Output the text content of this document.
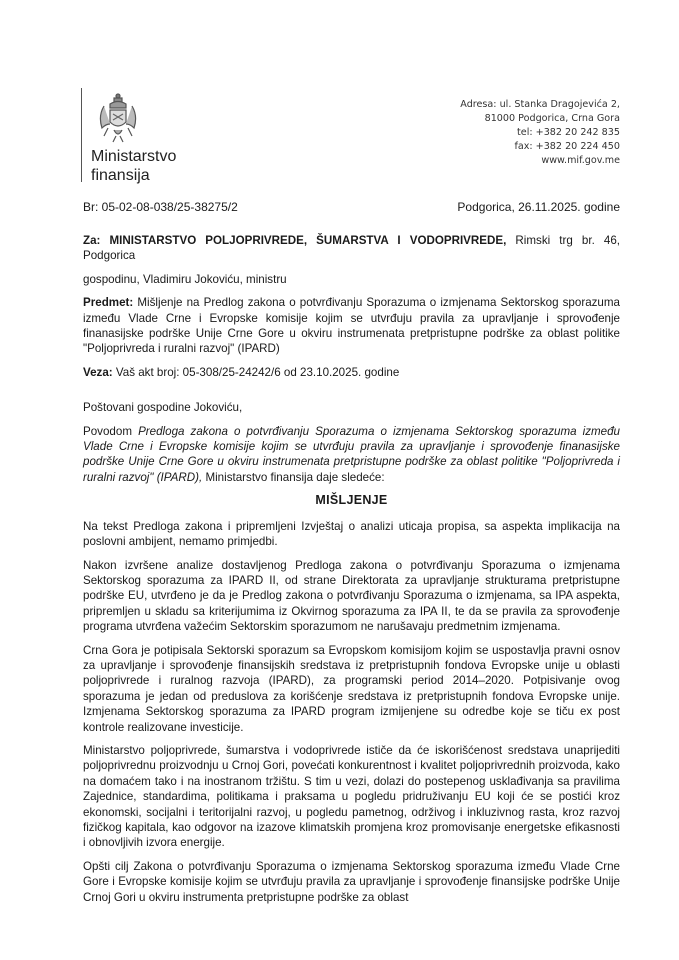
Ministarstvo
finansija
Adresa: ul. Stanka Dragojevića 2,
81000 Podgorica, Crna Gora
tel: +382 20 242 835
fax: +382 20 224 450
www.mif.gov.me
Br: 05-02-08-038/25-38275/2	Podgorica, 26.11.2025. godine

Za: MINISTARSTVO POLJOPRIVREDE, ŠUMARSTVA I VODOPRIVREDE, Rimski trg br. 46, Podgorica

gospodinu, Vladimiru Jokoviću, ministru

Predmet: Mišljenje na Predlog zakona o potvrđivanju Sporazuma o izmjenama Sektorskog sporazuma između Vlade Crne i Evropske komisije kojim se utvrđuju pravila za upravljanje i sprovođenje finanasijske podrške Unije Crne Gore u okviru instrumenata pretpristupne podrške za oblast politike "Poljoprivreda i ruralni razvoj" (IPARD)

Veza: Vaš akt broj: 05-308/25-24242/6 od 23.10.2025. godine

Poštovani gospodine Jokoviću,

Povodom Predloga zakona o potvrđivanju Sporazuma o izmjenama Sektorskog sporazuma između Vlade Crne i Evropske komisije kojim se utvrđuju pravila za upravljanje i sprovođenje finanasijske podrške Unije Crne Gore u okviru instrumenata pretpristupne podrške za oblast politike "Poljoprivreda i ruralni razvoj" (IPARD), Ministarstvo finansija daje sledeće:

MIŠLJENJE

Na tekst Predloga zakona i pripremljeni Izvještaj o analizi uticaja propisa, sa aspekta implikacija na poslovni ambijent, nemamo primjedbi.

Nakon izvršene analize dostavljenog Predloga zakona o potvrđivanju Sporazuma o izmjenama Sektorskog sporazuma za IPARD II, od strane Direktorata za upravljanje strukturama pretpristupne podrške EU, utvrđeno je da je Predlog zakona o potvrđivanju Sporazuma o izmjenama, sa IPA aspekta, pripremljen u skladu sa kriterijumima iz Okvirnog sporazuma za IPA II, te da se pravila za sprovođenje programa utvrđena važećim Sektorskim sporazumom ne narušavaju predmetnim izmjenama.

Crna Gora je potipisala Sektorski sporazum sa Evropskom komisijom kojim se uspostavlja pravni osnov za upravljanje i sprovođenje finansijskih sredstava iz pretpristupnih fondova Evropske unije u oblasti poljoprivrede i ruralnog razvoja (IPARD), za programski period 2014–2020. Potpisivanje ovog sporazuma je jedan od preduslova za korišćenje sredstava iz pretpristupnih fondova Evropske unije. Izmjenama Sektorskog sporazuma za IPARD program izmijenjene su odredbe koje se tiču ex post kontrole realizovane investicije.

Ministarstvo poljoprivrede, šumarstva i vodoprivrede ističe da će iskorišćenost sredstava unaprijediti poljoprivrednu proizvodnju u Crnoj Gori, povećati konkurentnost i kvalitet poljoprivrednih proizvoda, kako na domaćem tako i na inostranom tržištu. S tim u vezi, dolazi do postepenog usklađivanja sa pravilima Zajednice, standardima, politikama i praksama u pogledu pridruživanju EU koji će se postići kroz ekonomski, socijalni i teritorijalni razvoj, u pogledu pametnog, održivog i inkluzivnog rasta, kroz razvoj fizičkog kapitala, kao odgovor na izazove klimatskih promjena kroz promovisanje energetske efikasnosti i obnovljivih izvora energije.

Opšti cilj Zakona o potvrđivanju Sporazuma o izmjenama Sektorskog sporazuma između Vlade Crne Gore i Evropske komisije kojim se utvrđuju pravila za upravljanje i sprovođenje finansijske podrške Unije Crnoj Gori u okviru instrumenta pretpristupne podrške za oblast
